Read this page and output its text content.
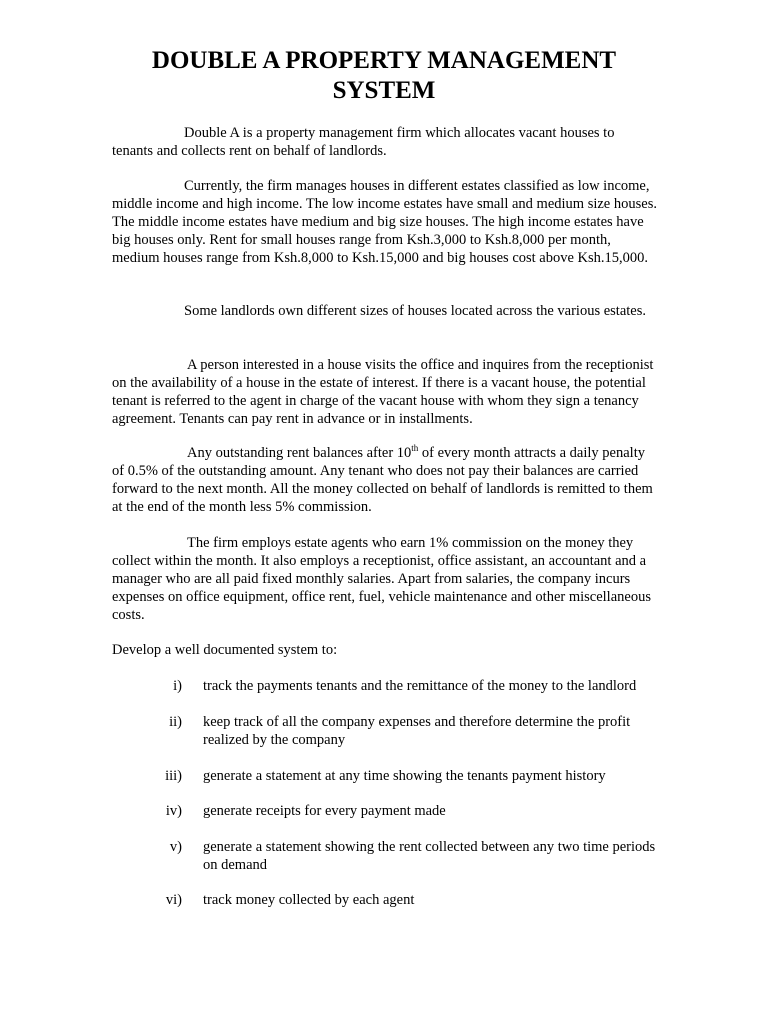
DOUBLE A PROPERTY MANAGEMENT
SYSTEM

Double A is a property management firm which allocates vacant houses to tenants and collects rent on behalf of landlords.

Currently, the firm manages houses in different estates classified as low income, middle income and high income. The low income estates have small and medium size houses. The middle income estates have medium and big size houses. The high income estates have big houses only. Rent for small houses range from Ksh.3,000 to Ksh.8,000 per month, medium houses range from Ksh.8,000 to Ksh.15,000 and big houses cost above Ksh.15,000.

Some landlords own different sizes of houses located across the various estates.

A person interested in a house visits the office and inquires from the receptionist on the availability of a house in the estate of interest. If there is a vacant house, the potential tenant is referred to the agent in charge of the vacant house with whom they sign a tenancy agreement. Tenants can pay rent in advance or in installments.

Any outstanding rent balances after 10th of every month attracts a daily penalty of 0.5% of the outstanding amount. Any tenant who does not pay their balances are carried forward to the next month. All the money collected on behalf of landlords is remitted to them at the end of the month less 5% commission.

The firm employs estate agents who earn 1% commission on the money they collect within the month. It also employs a receptionist, office assistant, an accountant and a manager who are all paid fixed monthly salaries. Apart from salaries, the company incurs expenses on office equipment, office rent, fuel, vehicle maintenance and other miscellaneous costs.

Develop a well documented system to:

i) track the payments tenants and the remittance of the money to the landlord
ii) keep track of all the company expenses and therefore determine the profit realized by the company
iii) generate a statement at any time showing the tenants payment history
iv) generate receipts for every payment made
v) generate a statement showing the rent collected between any two time periods on demand
vi) track money collected by each agent
